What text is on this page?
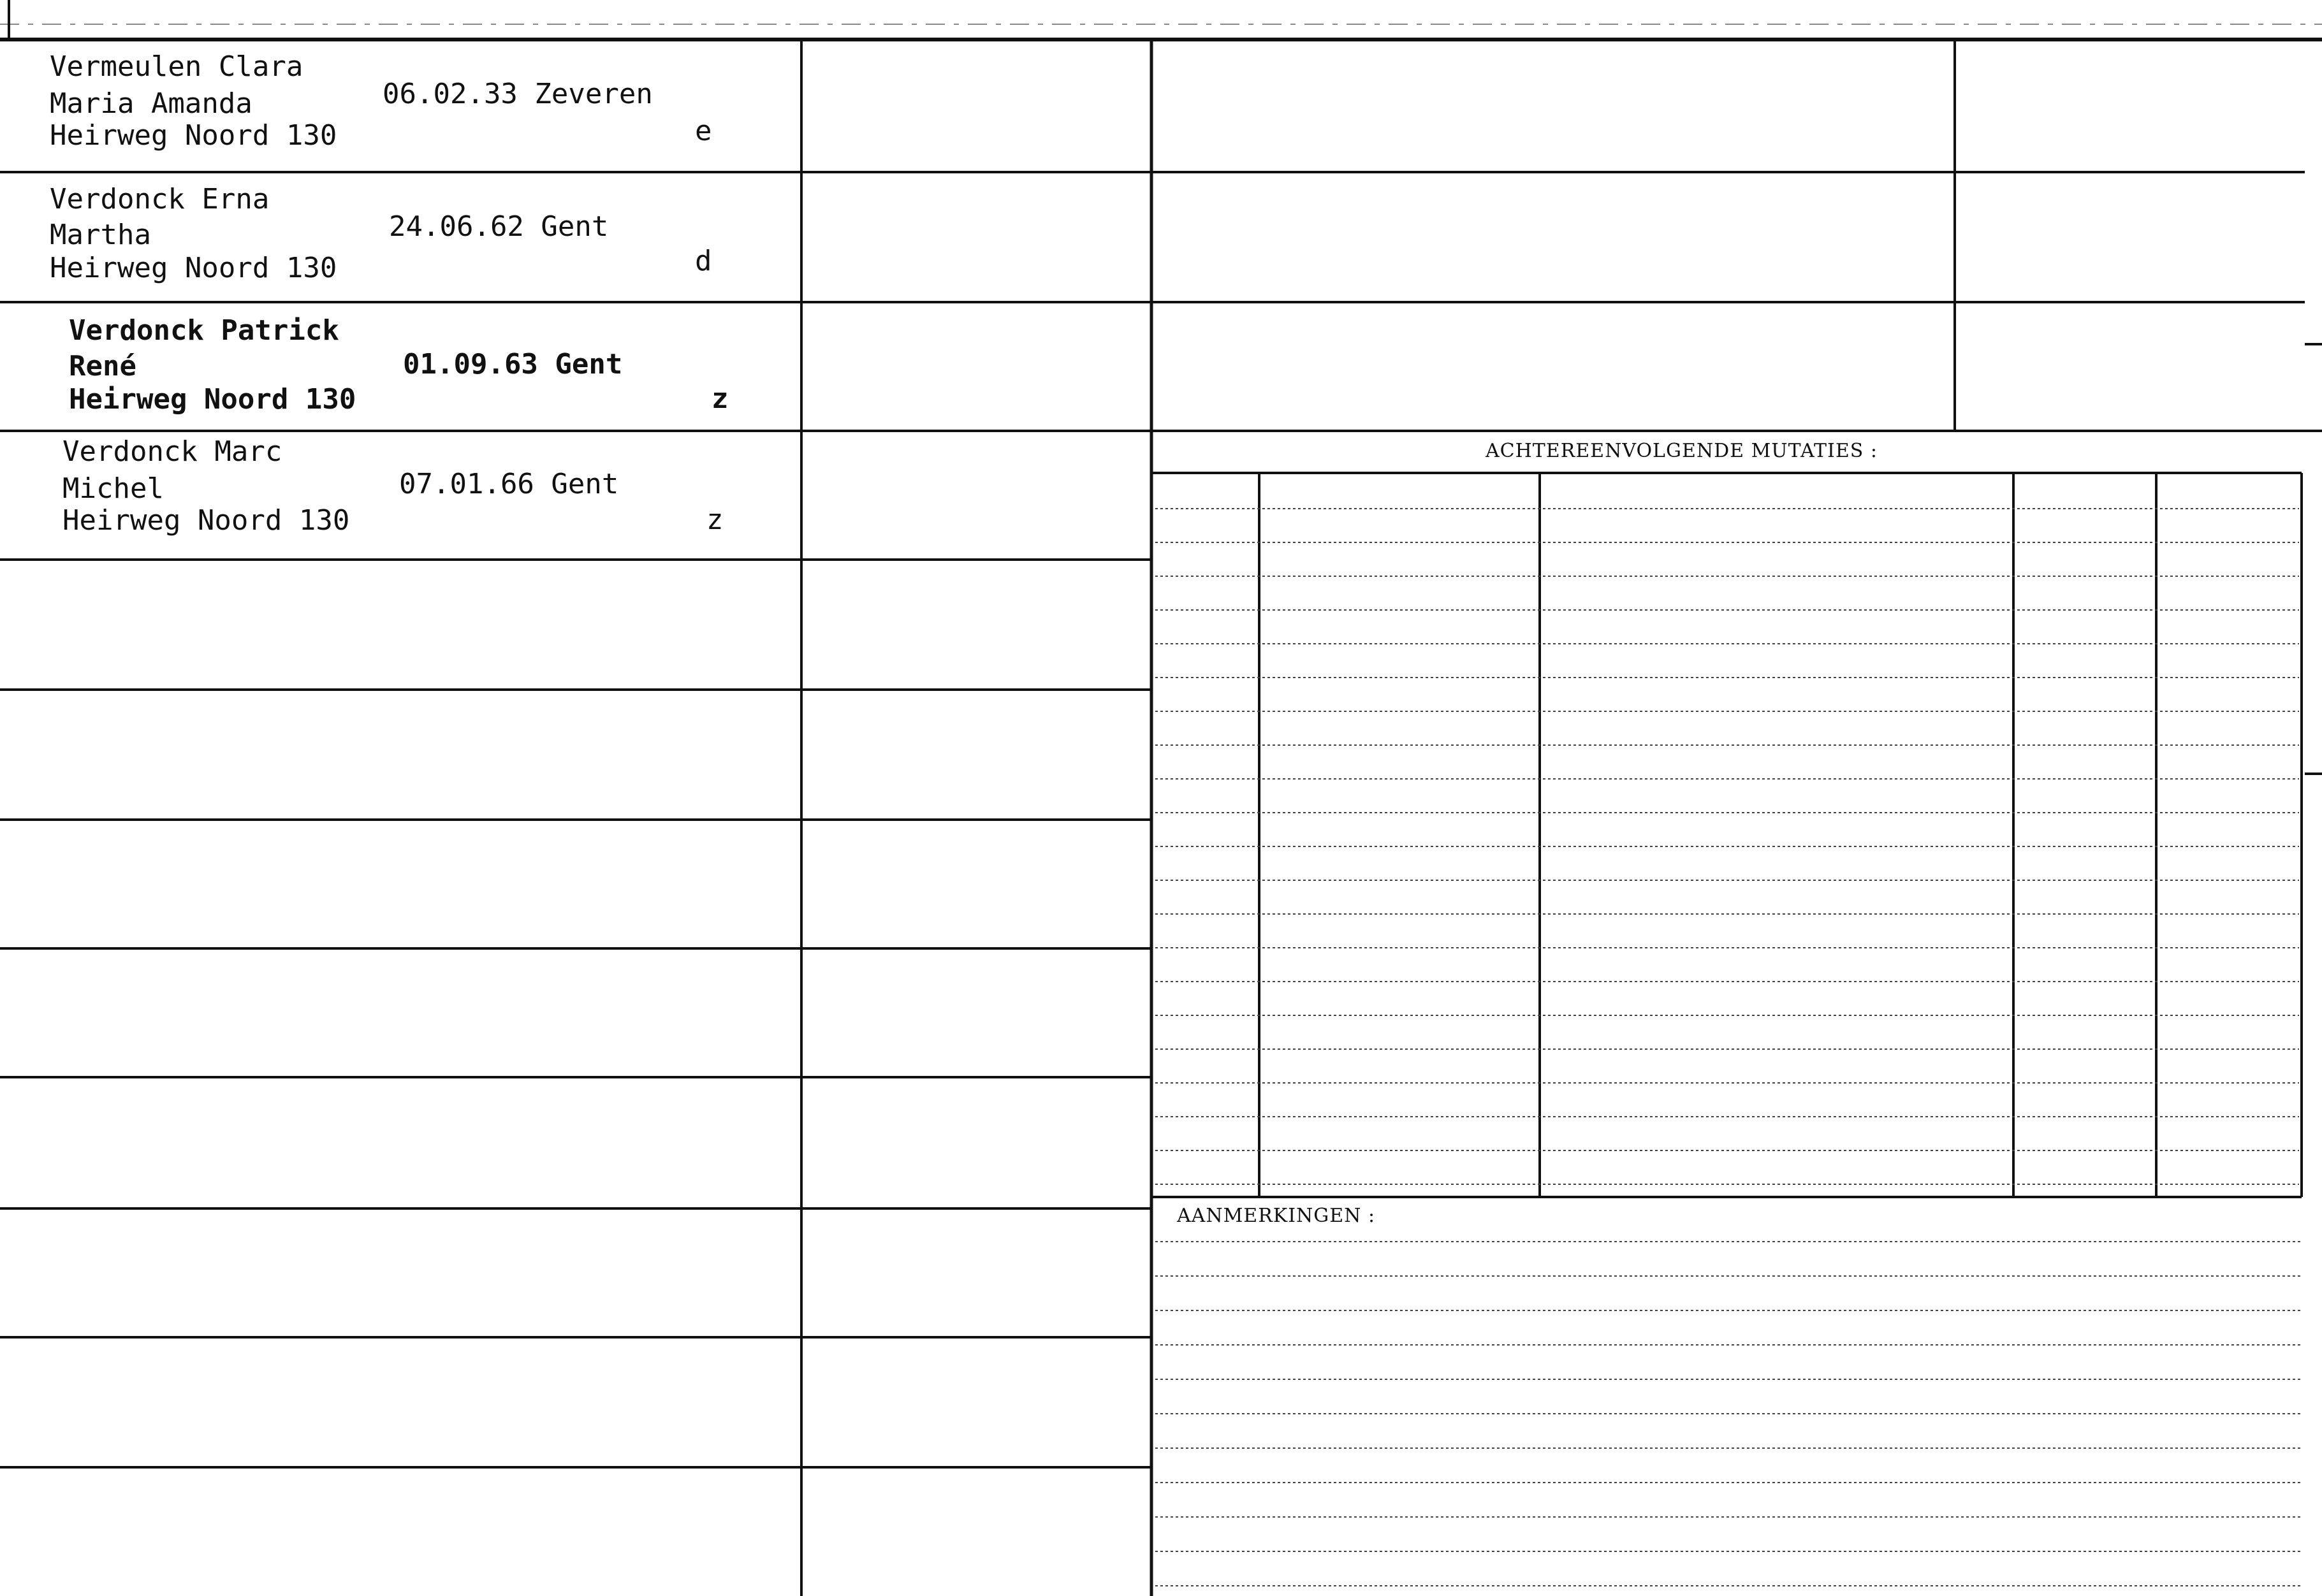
Vermeulen Clara
Maria Amanda
Heirweg Noord 130
06.02.33 Zeveren
e
Verdonck Erna
Martha
Heirweg Noord 130
24.06.62 Gent
d
Verdonck Patrick
René
Heirweg Noord 130
01.09.63 Gent
z
Verdonck Marc
Michel
Heirweg Noord 130
07.01.66 Gent
z
ACHTEREENVOLGENDE MUTATIES :
AANMERKINGEN :
